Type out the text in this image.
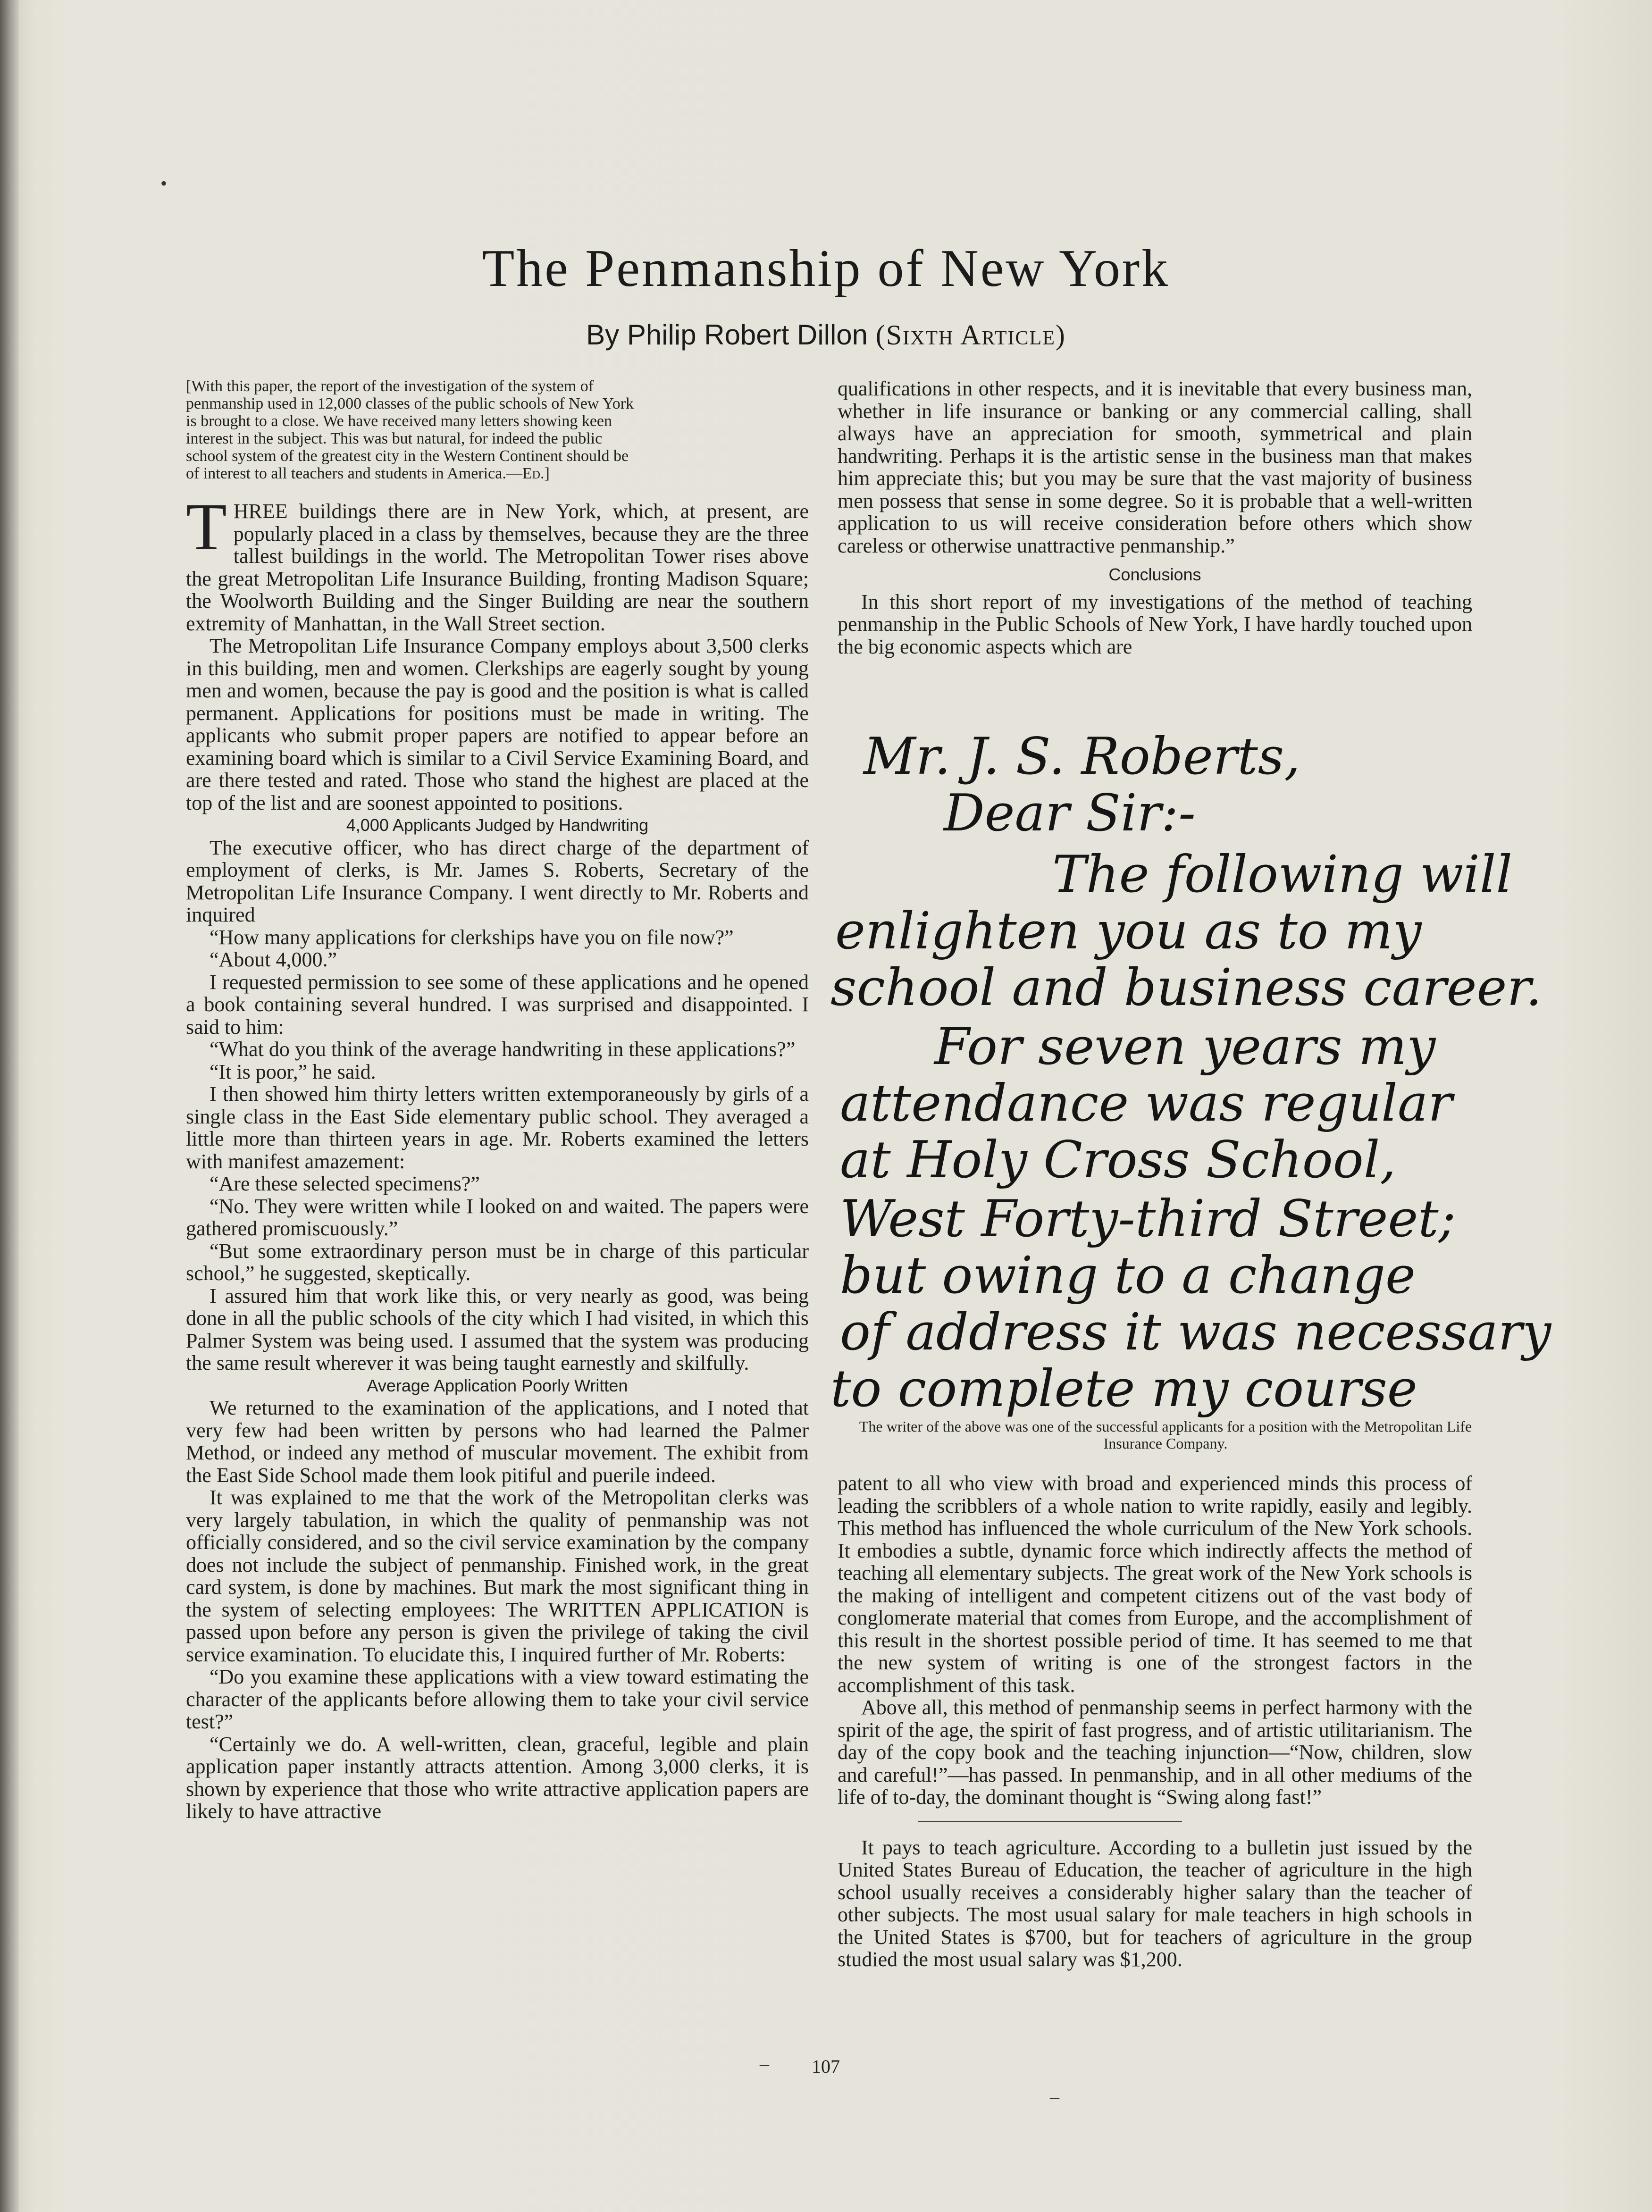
The Penmanship of New York
By Philip Robert Dillon (Sixth Article)
[With this paper, the report of the investigation of the system of
penmanship used in 12,000 classes of the public schools of New York
is brought to a close. We have received many letters showing keen
interest in the subject. This was but natural, for indeed the public
school system of the greatest city in the Western Continent should be
of interest to all teachers and students in America.—Ed.]
T HREE buildings there are in New York, which, at present, are popularly placed in a class by themselves, because they are the three tallest buildings in the world. The Metropolitan Tower rises above the great Metropolitan Life Insurance Building, fronting Madison Square; the Woolworth Building and the Singer Building are near the southern extremity of Manhattan, in the Wall Street section.

The Metropolitan Life Insurance Company employs about 3,500 clerks in this building, men and women. Clerkships are eagerly sought by young men and women, because the pay is good and the position is what is called permanent. Applications for positions must be made in writing. The applicants who submit proper papers are notified to appear before an examining board which is similar to a Civil Service Examining Board, and are there tested and rated. Those who stand the highest are placed at the top of the list and are soonest appointed to positions.

4,000 Applicants Judged by Handwriting

The executive officer, who has direct charge of the department of employment of clerks, is Mr. James S. Roberts, Secretary of the Metropolitan Life Insurance Company. I went directly to Mr. Roberts and inquired

“How many applications for clerkships have you on file now?”

“About 4,000.”

I requested permission to see some of these applications and he opened a book containing several hundred. I was surprised and disappointed. I said to him:

“What do you think of the average handwriting in these applications?”

“It is poor,” he said.

I then showed him thirty letters written extemporaneously by girls of a single class in the East Side elementary public school. They averaged a little more than thirteen years in age. Mr. Roberts examined the letters with manifest amazement:

“Are these selected specimens?”

“No. They were written while I looked on and waited. The papers were gathered promiscuously.”

“But some extraordinary person must be in charge of this particular school,” he suggested, skeptically.

I assured him that work like this, or very nearly as good, was being done in all the public schools of the city which I had visited, in which this Palmer System was being used. I assumed that the system was producing the same result wherever it was being taught earnestly and skilfully.

Average Application Poorly Written

We returned to the examination of the applications, and I noted that very few had been written by persons who had learned the Palmer Method, or indeed any method of muscular movement. The exhibit from the East Side School made them look pitiful and puerile indeed.

It was explained to me that the work of the Metropolitan clerks was very largely tabulation, in which the quality of penmanship was not officially considered, and so the civil service examination by the company does not include the subject of penmanship. Finished work, in the great card system, is done by machines. But mark the most significant thing in the system of selecting employees: The WRITTEN APPLICATION is passed upon before any person is given the privilege of taking the civil service examination. To elucidate this, I inquired further of Mr. Roberts:

“Do you examine these applications with a view toward estimating the character of the applicants before allowing them to take your civil service test?”

“Certainly we do. A well-written, clean, graceful, legible and plain application paper instantly attracts attention. Among 3,000 clerks, it is shown by experience that those who write attractive application papers are likely to have attractive

qualifications in other respects, and it is inevitable that every business man, whether in life insurance or banking or any commercial calling, shall always have an appreciation for smooth, symmetrical and plain handwriting. Perhaps it is the artistic sense in the business man that makes him appreciate this; but you may be sure that the vast majority of business men possess that sense in some degree. So it is probable that a well-written application to us will receive consideration before others which show careless or otherwise unattractive penmanship.”

Conclusions

In this short report of my investigations of the method of teaching penmanship in the Public Schools of New York, I have hardly touched upon the big economic aspects which are

Mr. J. S. Roberts,
Dear Sir:-
The following will
enlighten you as to my
school and business career.
For seven years my
attendance was regular
at Holy Cross School,
West Forty-third Street;
but owing to a change
of address it was necessary
to complete my course
The writer of the above was one of the successful applicants for a position with the Metropolitan Life Insurance Company.

patent to all who view with broad and experienced minds this process of leading the scribblers of a whole nation to write rapidly, easily and legibly. This method has influenced the whole curriculum of the New York schools. It embodies a subtle, dynamic force which indirectly affects the method of teaching all elementary subjects. The great work of the New York schools is the making of intelligent and competent citizens out of the vast body of conglomerate material that comes from Europe, and the accomplishment of this result in the shortest possible period of time. It has seemed to me that the new system of writing is one of the strongest factors in the accomplishment of this task.

Above all, this method of penmanship seems in perfect harmony with the spirit of the age, the spirit of fast progress, and of artistic utilitarianism. The day of the copy book and the teaching injunction—“Now, children, slow and careful!”—has passed. In penmanship, and in all other mediums of the life of to-day, the dominant thought is “Swing along fast!”

It pays to teach agriculture. According to a bulletin just issued by the United States Bureau of Education, the teacher of agriculture in the high school usually receives a considerably higher salary than the teacher of other subjects. The most usual salary for male teachers in high schools in the United States is $700, but for teachers of agriculture in the group studied the most usual salary was $1,200.

107
–
–
•
